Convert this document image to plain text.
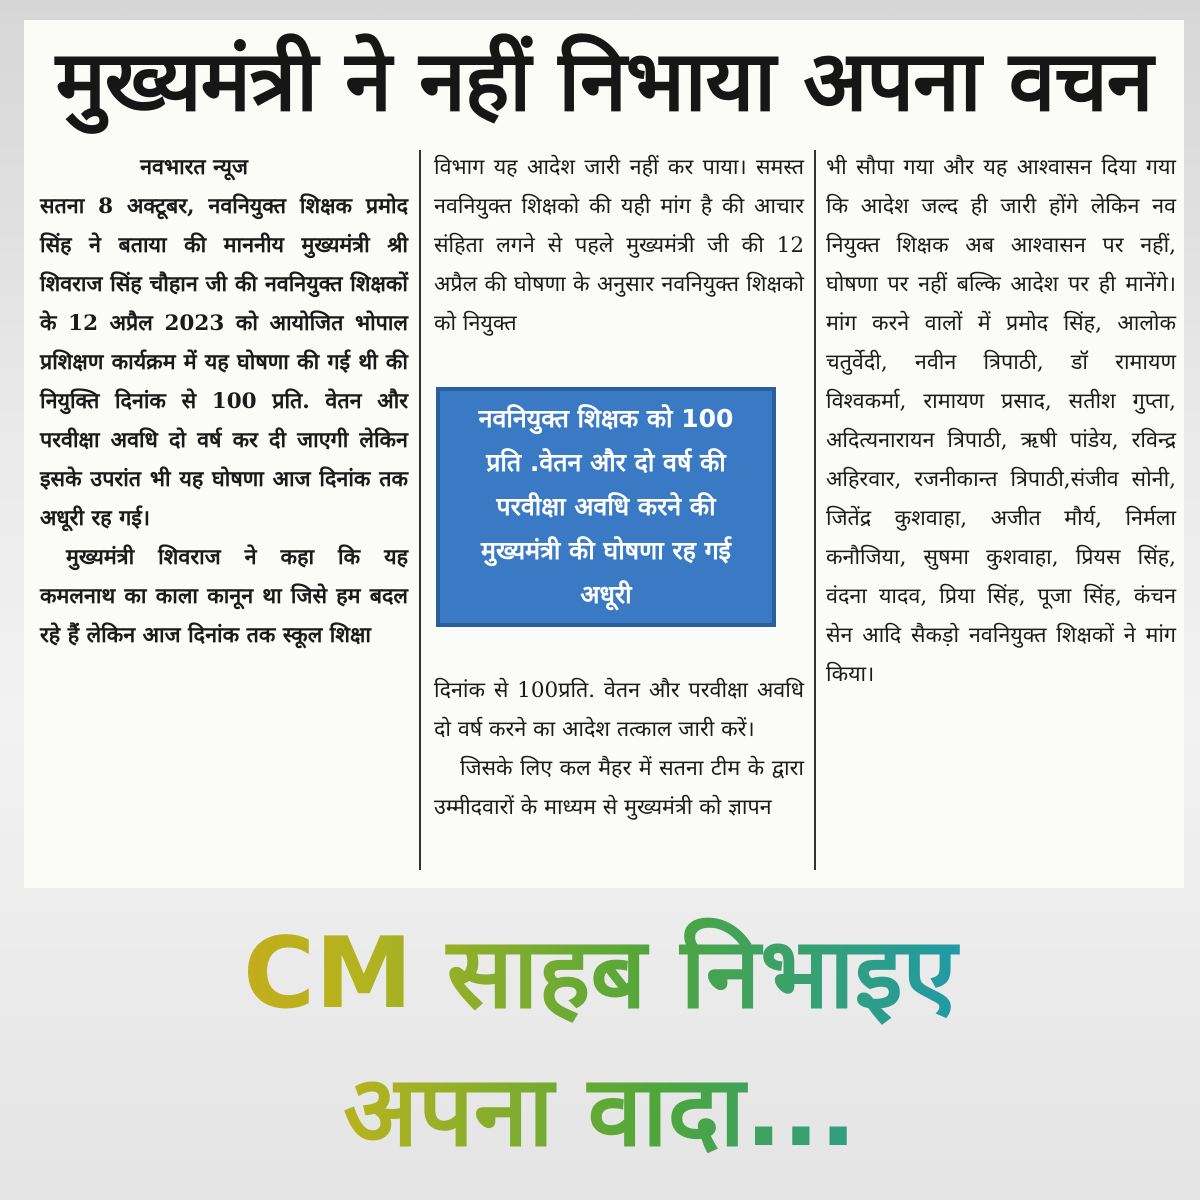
मुख्यमंत्री ने नहीं निभाया अपना वचन

नवभारत न्यूज

सतना 8 अक्टूबर, नवनियुक्त शिक्षक प्रमोद सिंह ने बताया की माननीय मुख्यमंत्री श्री शिवराज सिंह चौहान जी की नवनियुक्त शिक्षकों के 12 अप्रैल 2023 को आयोजित भोपाल प्रशिक्षण कार्यक्रम में यह घोषणा की गई थी की नियुक्ति दिनांक से 100 प्रति. वेतन और परवीक्षा अवधि दो वर्ष कर दी जाएगी लेकिन इसके उपरांत भी यह घोषणा आज दिनांक तक अधूरी रह गई।

मुख्यमंत्री शिवराज ने कहा कि यह कमलनाथ का काला कानून था जिसे हम बदल रहे हैं लेकिन आज दिनांक तक स्कूल शिक्षा

विभाग यह आदेश जारी नहीं कर पाया। समस्त नवनियुक्त शिक्षको की यही मांग है की आचार संहिता लगने से पहले मुख्यमंत्री जी की 12 अप्रैल की घोषणा के अनुसार नवनियुक्त शिक्षको को नियुक्त

नवनियुक्त शिक्षक को 100 प्रति .वेतन और दो वर्ष की परवीक्षा अवधि करने की मुख्यमंत्री की घोषणा रह गई अधूरी

दिनांक से 100प्रति. वेतन और परवीक्षा अवधि दो वर्ष करने का आदेश तत्काल जारी करें।

जिसके लिए कल मैहर में सतना टीम के द्वारा उम्मीदवारों के माध्यम से मुख्यमंत्री को ज्ञापन

भी सौपा गया और यह आश्वासन दिया गया कि आदेश जल्द ही जारी होंगे लेकिन नव नियुक्त शिक्षक अब आश्वासन पर नहीं, घोषणा पर नहीं बल्कि आदेश पर ही मानेंगे। मांग करने वालों में प्रमोद सिंह, आलोक चतुर्वेदी, नवीन त्रिपाठी, डॉ रामायण विश्वकर्मा, रामायण प्रसाद, सतीश गुप्ता, अदित्यनारायन त्रिपाठी, ऋषी पांडेय, रविन्द्र अहिरवार, रजनीकान्त त्रिपाठी,संजीव सोनी, जितेंद्र कुशवाहा, अजीत मौर्य, निर्मला कनौजिया, सुषमा कुशवाहा, प्रियस सिंह, वंदना यादव, प्रिया सिंह, पूजा सिंह, कंचन सेन आदि सैकड़ो नवनियुक्त शिक्षकों ने मांग किया।

CM साहब निभाइए
अपना वादा...
